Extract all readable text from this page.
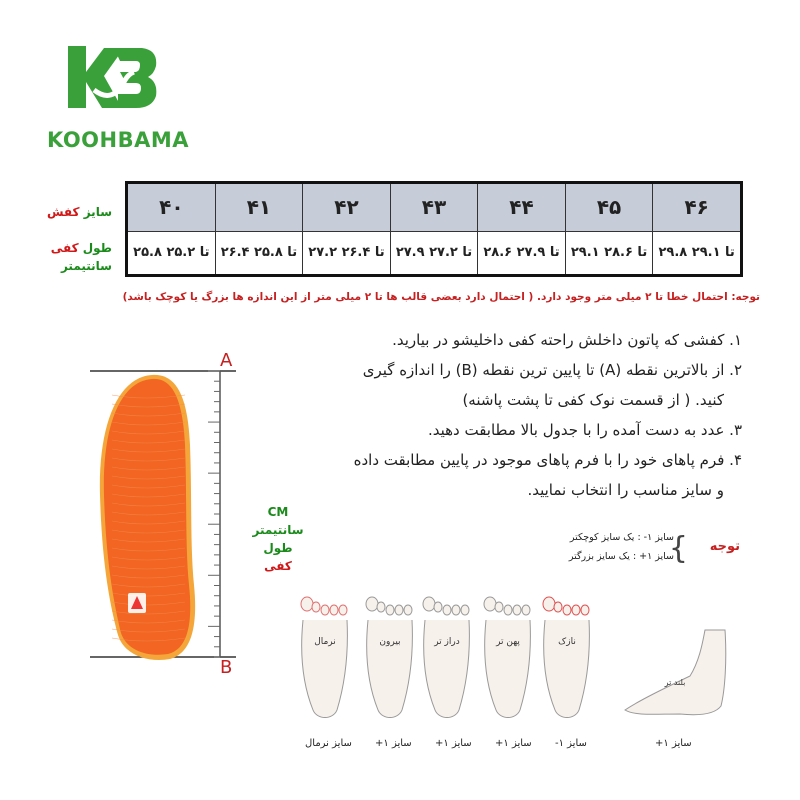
KOOHBAMA
سایز کفش
طول کفی
سانتیمتر
۴۰	۴۱	۴۲	۴۳	۴۴	۴۵	۴۶
۲۵.۸ تا ۲۵.۲	۲۶.۴ تا ۲۵.۸	۲۷.۲ تا ۲۶.۴	۲۷.۹ تا ۲۷.۲	۲۸.۶ تا ۲۷.۹	۲۹.۱ تا ۲۸.۶	۲۹.۸ تا ۲۹.۱
توجه: احتمال خطا تا ۲ میلی متر وجود دارد. ( احتمال دارد بعضی قالب ها تا ۲ میلی متر از این اندازه ها بزرگ یا کوچک باشد)
۱. کفشی که پاتون داخلش راحته کفی داخلیشو در بیارید.
۲. از بالاترین نقطه (A) تا پایین ترین نقطه (B) را اندازه گیری
کنید. ( از قسمت نوک کفی تا پشت پاشنه)
۳. عدد به دست آمده را با جدول بالا مطابقت دهید.
۴. فرم پاهای خود را با فرم پاهای موجود در پایین مطابقت داده
و سایز مناسب را انتخاب نمایید.
A
B
CM
سانتیمتر
طول کفی
توجه
}
سایز ۱- : یک سایز کوچکتر
سایز ۱+ : یک سایز بزرگتر
نرمال	بیرون	دراز تر	پهن تر	نازک
بلند تر
سایز نرمال سایز ۱+ سایز ۱+ سایز ۱+ سایز ۱-	سایز ۱+
